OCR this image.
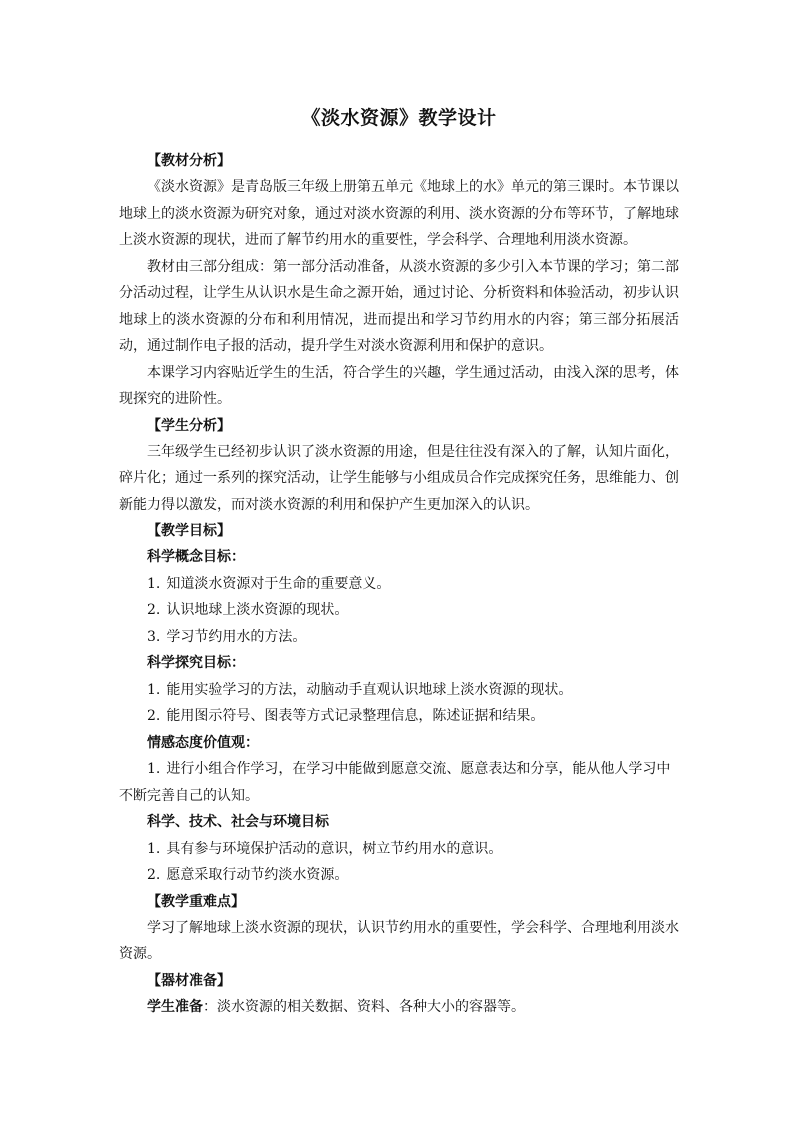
《淡水资源》教学设计

【教材分析】

《淡水资源》是青岛版三年级上册第五单元《地球上的水》单元的第三课时。本节课以地球上的淡水资源为研究对象，通过对淡水资源的利用、淡水资源的分布等环节，了解地球上淡水资源的现状，进而了解节约用水的重要性，学会科学、合理地利用淡水资源。

教材由三部分组成：第一部分活动准备，从淡水资源的多少引入本节课的学习；第二部分活动过程，让学生从认识水是生命之源开始，通过讨论、分析资料和体验活动，初步认识地球上的淡水资源的分布和利用情况，进而提出和学习节约用水的内容；第三部分拓展活动，通过制作电子报的活动，提升学生对淡水资源利用和保护的意识。

本课学习内容贴近学生的生活，符合学生的兴趣，学生通过活动，由浅入深的思考，体现探究的进阶性。

【学生分析】

三年级学生已经初步认识了淡水资源的用途，但是往往没有深入的了解，认知片面化，碎片化；通过一系列的探究活动，让学生能够与小组成员合作完成探究任务，思维能力、创新能力得以激发，而对淡水资源的利用和保护产生更加深入的认识。

【教学目标】

科学概念目标：

1. 知道淡水资源对于生命的重要意义。

2. 认识地球上淡水资源的现状。

3. 学习节约用水的方法。

科学探究目标：

1. 能用实验学习的方法，动脑动手直观认识地球上淡水资源的现状。

2. 能用图示符号、图表等方式记录整理信息，陈述证据和结果。

情感态度价值观：

1. 进行小组合作学习，在学习中能做到愿意交流、愿意表达和分享，能从他人学习中不断完善自己的认知。

科学、技术、社会与环境目标

1. 具有参与环境保护活动的意识，树立节约用水的意识。

2. 愿意采取行动节约淡水资源。

【教学重难点】

学习了解地球上淡水资源的现状，认识节约用水的重要性，学会科学、合理地利用淡水资源。

【器材准备】

学生准备：淡水资源的相关数据、资料、各种大小的容器等。
